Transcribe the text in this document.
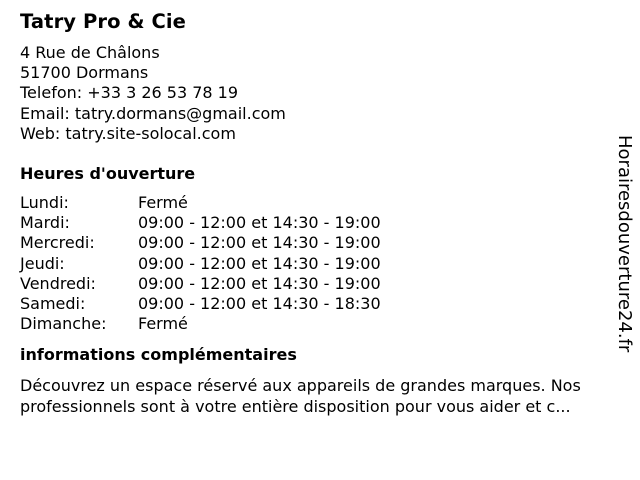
Tatry Pro & Cie
4 Rue de Châlons
51700 Dormans
Telefon: +33 3 26 53 78 19
Email: tatry.dormans@gmail.com
Web: tatry.site-solocal.com
Heures d'ouverture
Lundi:	Fermé
Mardi:	09:00 - 12:00 et 14:30 - 19:00
Mercredi:	09:00 - 12:00 et 14:30 - 19:00
Jeudi:	09:00 - 12:00 et 14:30 - 19:00
Vendredi:	09:00 - 12:00 et 14:30 - 19:00
Samedi:	09:00 - 12:00 et 14:30 - 18:30
Dimanche:	Fermé
informations complémentaires
Découvrez un espace réservé aux appareils de grandes marques. Nos
professionnels sont à votre entière disposition pour vous aider et c...
Horairesdouverture24.fr
